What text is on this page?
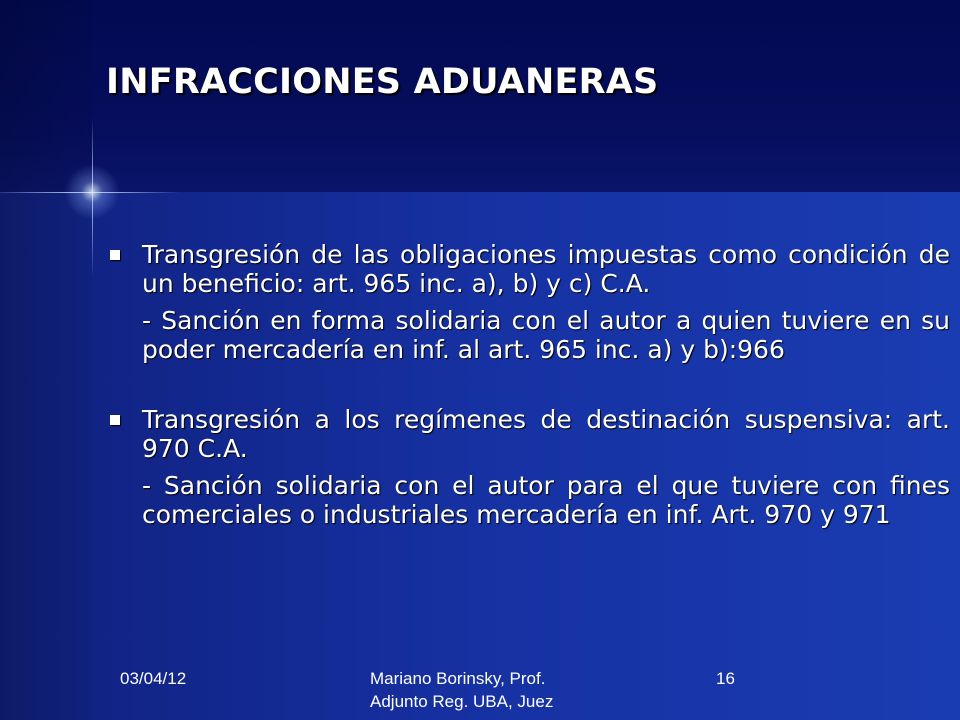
INFRACCIONES ADUANERAS

Transgresión de las obligaciones impuestas como condición de un beneficio: art. 965 inc. a), b) y c) C.A.

- Sanción en forma solidaria con el autor a quien tuviere en su poder mercadería en inf. al art. 965 inc. a) y b):966

Transgresión a los regímenes de destinación suspensiva: art. 970 C.A.

- Sanción solidaria con el autor para el que tuviere con fines comerciales o industriales mercadería en inf. Art. 970 y 971

03/04/12	Mariano Borinsky, Prof.
Adjunto Reg. UBA, Juez
16
